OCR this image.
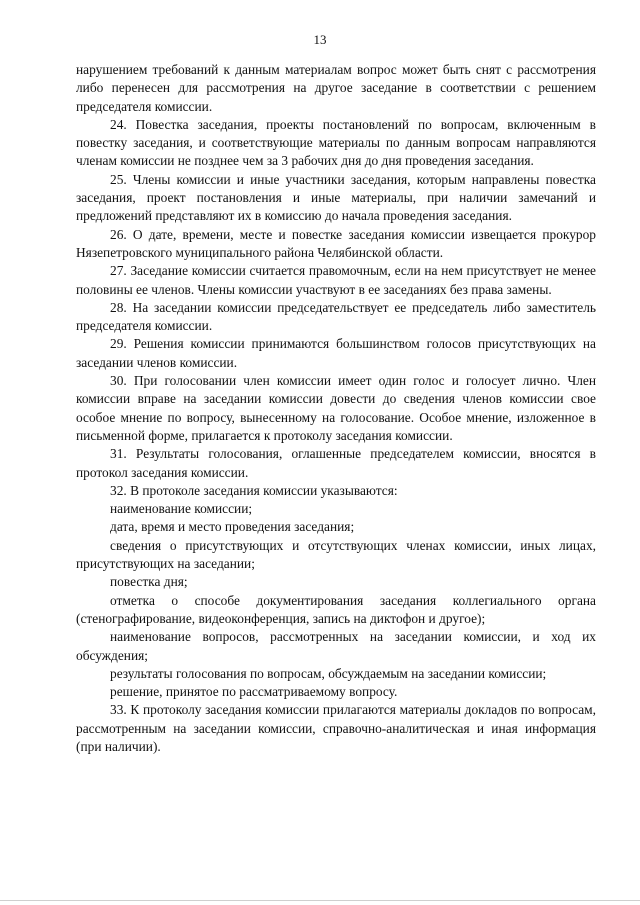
13

нарушением требований к данным материалам вопрос может быть снят с рассмотрения либо перенесен для рассмотрения на другое заседание в соответствии с решением председателя комиссии.

24. Повестка заседания, проекты постановлений по вопросам, включенным в повестку заседания, и соответствующие материалы по данным вопросам направляются членам комиссии не позднее чем за 3 рабочих дня до дня проведения заседания.

25. Члены комиссии и иные участники заседания, которым направлены повестка заседания, проект постановления и иные материалы, при наличии замечаний и предложений представляют их в комиссию до начала проведения заседания.

26. О дате, времени, месте и повестке заседания комиссии извещается прокурор Нязепетровского муниципального района Челябинской области.

27. Заседание комиссии считается правомочным, если на нем присутствует не менее половины ее членов. Члены комиссии участвуют в ее заседаниях без права замены.

28. На заседании комиссии председательствует ее председатель либо заместитель председателя комиссии.

29. Решения комиссии принимаются большинством голосов присутствующих на заседании членов комиссии.

30. При голосовании член комиссии имеет один голос и голосует лично. Член комиссии вправе на заседании комиссии довести до сведения членов комиссии свое особое мнение по вопросу, вынесенному на голосование. Особое мнение, изложенное в письменной форме, прилагается к протоколу заседания комиссии.

31. Результаты голосования, оглашенные председателем комиссии, вносятся в протокол заседания комиссии.

32. В протоколе заседания комиссии указываются:

наименование комиссии;

дата, время и место проведения заседания;

сведения о присутствующих и отсутствующих членах комиссии, иных лицах, присутствующих на заседании;

повестка дня;

отметка о способе документирования заседания коллегиального органа (стенографирование, видеоконференция, запись на диктофон и другое);

наименование вопросов, рассмотренных на заседании комиссии, и ход их обсуждения;

результаты голосования по вопросам, обсуждаемым на заседании комиссии;

решение, принятое по рассматриваемому вопросу.

33. К протоколу заседания комиссии прилагаются материалы докладов по вопросам, рассмотренным на заседании комиссии, справочно-аналитическая и иная информация (при наличии).
